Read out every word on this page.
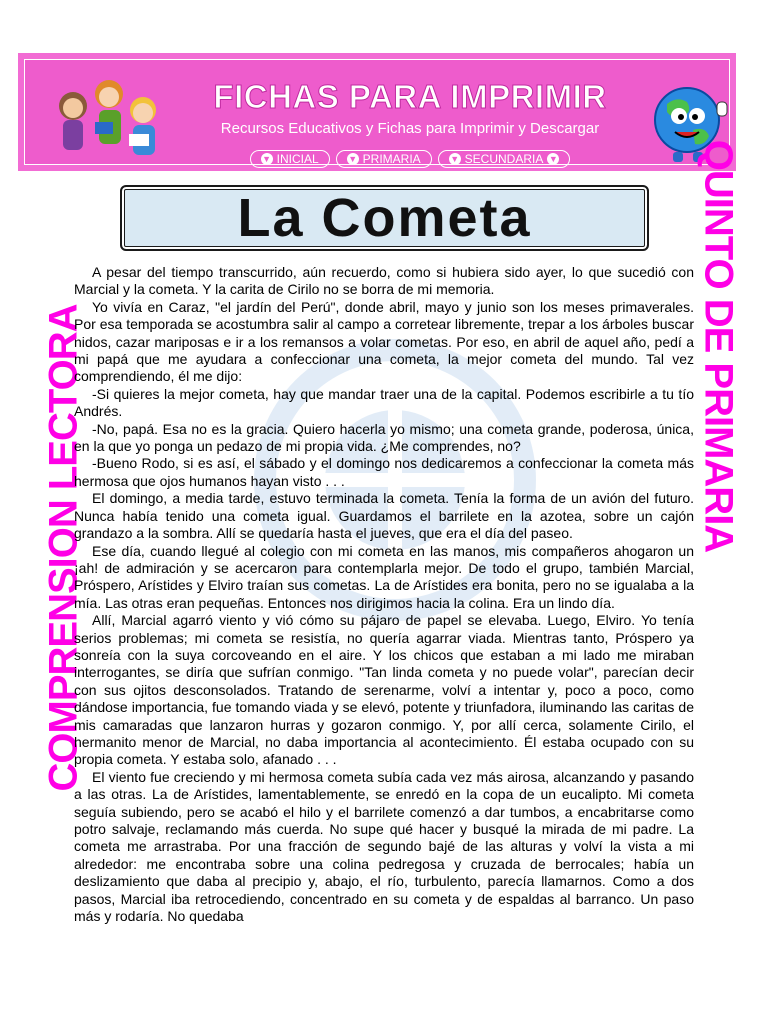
FICHAS PARA IMPRIMIR
Recursos Educativos y Fichas para Imprimir y Descargar
▼ INICIAL	▼ PRIMARIA	▼ SECUNDARIA ▼
COMPRENSION LECTORA	QUINTO DE PRIMARIA
La Cometa

A pesar del tiempo transcurrido, aún recuerdo, como si hubiera sido ayer, lo que sucedió con Marcial y la cometa. Y la carita de Cirilo no se borra de mi memoria.

Yo vivía en Caraz, "el jardín del Perú", donde abril, mayo y junio son los meses primaverales. Por esa temporada se acostumbra salir al campo a corretear libremente, trepar a los árboles buscar nidos, cazar mariposas e ir a los remansos a volar cometas. Por eso, en abril de aquel año, pedí a mi papá que me ayudara a confeccionar una cometa, la mejor cometa del mundo. Tal vez comprendiendo, él me dijo:

-Si quieres la mejor cometa, hay que mandar traer una de la capital. Podemos escribirle a tu tío Andrés.

-No, papá. Esa no es la gracia. Quiero hacerla yo mismo; una cometa grande, poderosa, única, en la que yo ponga un pedazo de mi propia vida. ¿Me comprendes, no?

-Bueno Rodo, si es así, el sábado y el domingo nos dedicaremos a confeccionar la cometa más hermosa que ojos humanos hayan visto . . .

El domingo, a media tarde, estuvo terminada la cometa. Tenía la forma de un avión del futuro. Nunca había tenido una cometa igual. Guardamos el barrilete en la azotea, sobre un cajón grandazo a la sombra. Allí se quedaría hasta el jueves, que era el día del paseo.

Ese día, cuando llegué al colegio con mi cometa en las manos, mis compañeros ahogaron un ¡ah! de admiración y se acercaron para contemplarla mejor. De todo el grupo, también Marcial, Próspero, Arístides y Elviro traían sus cometas. La de Arístides era bonita, pero no se igualaba a la mía. Las otras eran pequeñas. Entonces nos dirigimos hacia la colina. Era un lindo día.

Allí, Marcial agarró viento y vió cómo su pájaro de papel se elevaba. Luego, Elviro. Yo tenía serios problemas; mi cometa se resistía, no quería agarrar viada. Mientras tanto, Próspero ya sonreía con la suya corcoveando en el aire. Y los chicos que estaban a mi lado me miraban interrogantes, se diría que sufrían conmigo. "Tan linda cometa y no puede volar", parecían decir con sus ojitos desconsolados. Tratando de serenarme, volví a intentar y, poco a poco, como dándose importancia, fue tomando viada y se elevó, potente y triunfadora, iluminando las caritas de mis camaradas que lanzaron hurras y gozaron conmigo. Y, por allí cerca, solamente Cirilo, el hermanito menor de Marcial, no daba importancia al acontecimiento. Él estaba ocupado con su propia cometa. Y estaba solo, afanado . . .

El viento fue creciendo y mi hermosa cometa subía cada vez más airosa, alcanzando y pasando a las otras. La de Arístides, lamentablemente, se enredó en la copa de un eucalipto. Mi cometa seguía subiendo, pero se acabó el hilo y el barrilete comenzó a dar tumbos, a encabritarse como potro salvaje, reclamando más cuerda. No supe qué hacer y busqué la mirada de mi padre. La cometa me arrastraba. Por una fracción de segundo bajé de las alturas y volví la vista a mi alrededor: me encontraba sobre una colina pedregosa y cruzada de berrocales; había un deslizamiento que daba al precipio y, abajo, el río, turbulento, parecía llamarnos. Como a dos pasos, Marcial iba retrocediendo, concentrado en su cometa y de espaldas al barranco. Un paso más y rodaría. No quedaba
